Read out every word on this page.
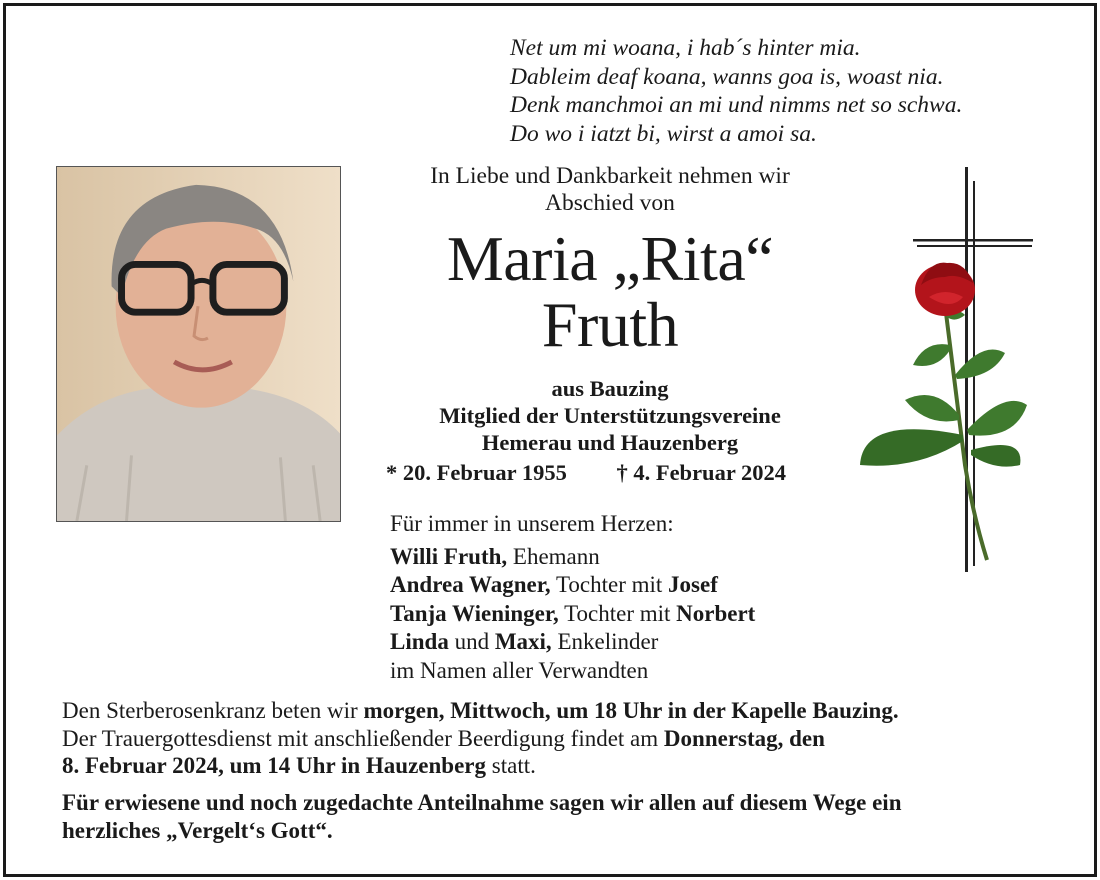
Net um mi woana, i hab´s hinter mia.
Dableim deaf koana, wanns goa is, woast nia.
Denk manchmoi an mi und nimms net so schwa.
Do wo i iatzt bi, wirst a amoi sa.
In Liebe und Dankbarkeit nehmen wir
Abschied von
Maria „Rita“
Fruth
aus Bauzing
Mitglied der Unterstützungsvereine
Hemerau und Hauzenberg
* 20. Februar 1955 † 4. Februar 2024
Für immer in unserem Herzen:
Willi Fruth, Ehemann
Andrea Wagner, Tochter mit Josef
Tanja Wieninger, Tochter mit Norbert
Linda und Maxi, Enkelinder
im Namen aller Verwandten
Den Sterberosenkranz beten wir morgen, Mittwoch, um 18 Uhr in der Kapelle Bauzing.
Der Trauergottesdienst mit anschließender Beerdigung findet am Donnerstag, den
8. Februar 2024, um 14 Uhr in Hauzenberg statt.
Für erwiesene und noch zugedachte Anteilnahme sagen wir allen auf diesem Wege ein
herzliches „Vergelt‘s Gott“.
